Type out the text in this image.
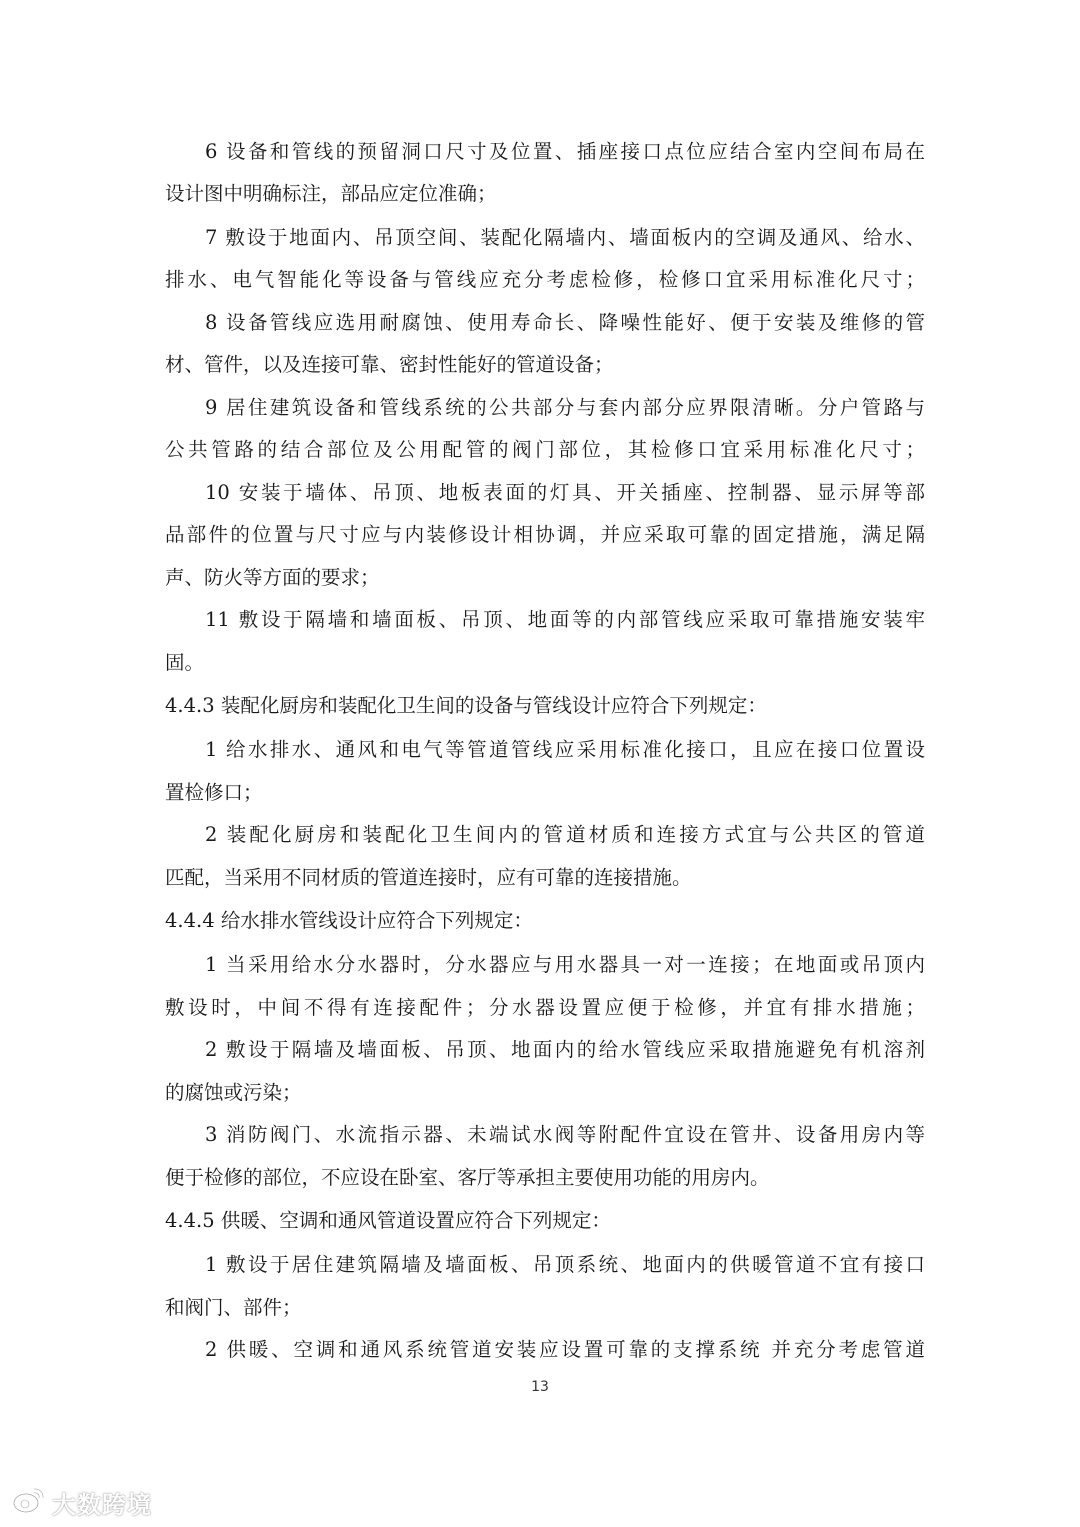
6 设备和管线的预留洞口尺寸及位置、插座接口点位应结合室内空间布局在
设计图中明确标注，部品应定位准确；
7 敷设于地面内、吊顶空间、装配化隔墙内、墙面板内的空调及通风、给水、
排水、电气智能化等设备与管线应充分考虑检修，检修口宜采用标准化尺寸；
8 设备管线应选用耐腐蚀、使用寿命长、降噪性能好、便于安装及维修的管
材、管件，以及连接可靠、密封性能好的管道设备；
9 居住建筑设备和管线系统的公共部分与套内部分应界限清晰。分户管路与
公共管路的结合部位及公用配管的阀门部位，其检修口宜采用标准化尺寸；
10 安装于墙体、吊顶、地板表面的灯具、开关插座、控制器、显示屏等部
品部件的位置与尺寸应与内装修设计相协调，并应采取可靠的固定措施，满足隔
声、防火等方面的要求；
11 敷设于隔墙和墙面板、吊顶、地面等的内部管线应采取可靠措施安装牢
固。
4.4.3 装配化厨房和装配化卫生间的设备与管线设计应符合下列规定：
1 给水排水、通风和电气等管道管线应采用标准化接口，且应在接口位置设
置检修口；
2 装配化厨房和装配化卫生间内的管道材质和连接方式宜与公共区的管道
匹配，当采用不同材质的管道连接时，应有可靠的连接措施。
4.4.4 给水排水管线设计应符合下列规定：
1 当采用给水分水器时，分水器应与用水器具一对一连接；在地面或吊顶内
敷设时，中间不得有连接配件；分水器设置应便于检修，并宜有排水措施；
2 敷设于隔墙及墙面板、吊顶、地面内的给水管线应采取措施避免有机溶剂
的腐蚀或污染；
3 消防阀门、水流指示器、未端试水阀等附配件宜设在管井、设备用房内等
便于检修的部位，不应设在卧室、客厅等承担主要使用功能的用房内。
4.4.5 供暖、空调和通风管道设置应符合下列规定：
1 敷设于居住建筑隔墙及墙面板、吊顶系统、地面内的供暖管道不宜有接口
和阀门、部件；
2 供暖、空调和通风系统管道安装应设置可靠的支撑系统 并充分考虑管道
13
大数跨境
